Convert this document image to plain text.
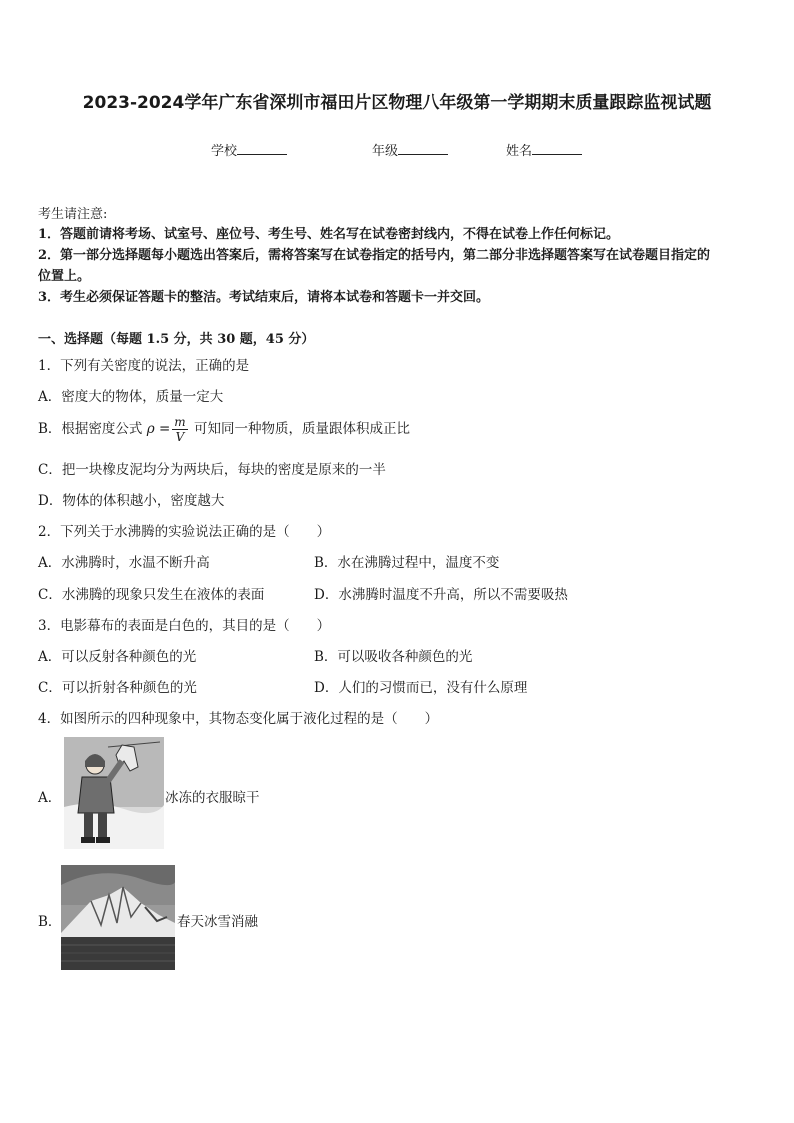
2023-2024学年广东省深圳市福田片区物理八年级第一学期期末质量跟踪监视试题
学校	年级	姓名
考生请注意:
1．答题前请将考场、试室号、座位号、考生号、姓名写在试卷密封线内，不得在试卷上作任何标记。
2．第一部分选择题每小题选出答案后，需将答案写在试卷指定的括号内，第二部分非选择题答案写在试卷题目指定的
位置上。
3．考生必须保证答题卡的整洁。考试结束后，请将本试卷和答题卡一并交回。
一、选择题（每题 1.5 分，共 30 题，45 分）
1．下列有关密度的说法，正确的是
A．密度大的物体，质量一定大
B．根据密度公式 $\rho = \frac{m}{V}$ 可知同一种物质，质量跟体积成正比
C．把一块橡皮泥均分为两块后，每块的密度是原来的一半
D．物体的体积越小，密度越大
2．下列关于水沸腾的实验说法正确的是（　　）
A．水沸腾时，水温不断升高	B．水在沸腾过程中，温度不变
C．水沸腾的现象只发生在液体的表面	D．水沸腾时温度不升高，所以不需要吸热
3．电影幕布的表面是白色的，其目的是（　　）
A．可以反射各种颜色的光	B．可以吸收各种颜色的光
C．可以折射各种颜色的光	D．人们的习惯而已，没有什么原理
4．如图所示的四种现象中，其物态变化属于液化过程的是（　　）
A．	冰冻的衣服晾干
B．	春天冰雪消融
